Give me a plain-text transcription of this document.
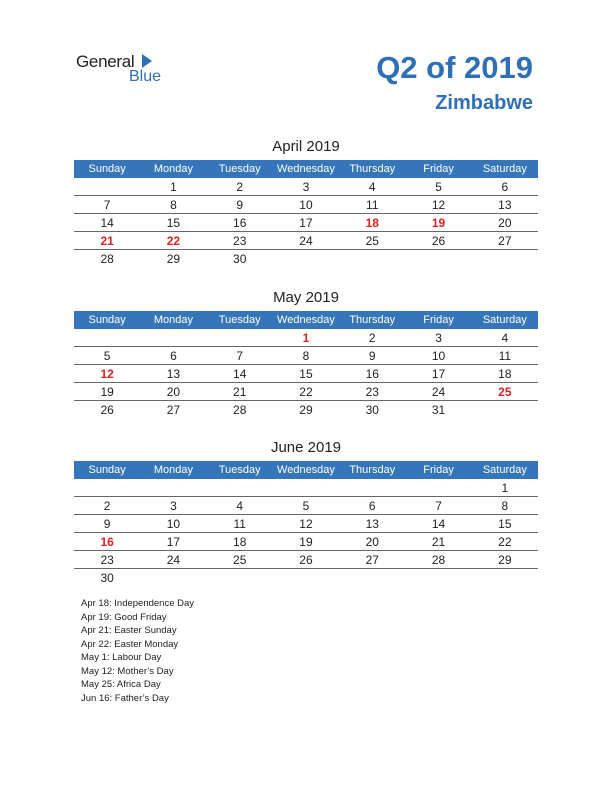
General
Blue	Q2 of 2019
Zimbabwe
April 2019
Sunday	Monday	Tuesday	Wednesday	Thursday	Friday	Saturday
	1	2	3	4	5	6
7	8	9	10	11	12	13
14	15	16	17	18	19	20
21	22	23	24	25	26	27
28	29	30				
May 2019
Sunday	Monday	Tuesday	Wednesday	Thursday	Friday	Saturday
			1	2	3	4
5	6	7	8	9	10	11
12	13	14	15	16	17	18
19	20	21	22	23	24	25
26	27	28	29	30	31	
June 2019
Sunday	Monday	Tuesday	Wednesday	Thursday	Friday	Saturday
						1
2	3	4	5	6	7	8
9	10	11	12	13	14	15
16	17	18	19	20	21	22
23	24	25	26	27	28	29
30						
Apr 18: Independence Day
Apr 19: Good Friday
Apr 21: Easter Sunday
Apr 22: Easter Monday
May 1: Labour Day
May 12: Mother’s Day
May 25: Africa Day
Jun 16: Father’s Day
